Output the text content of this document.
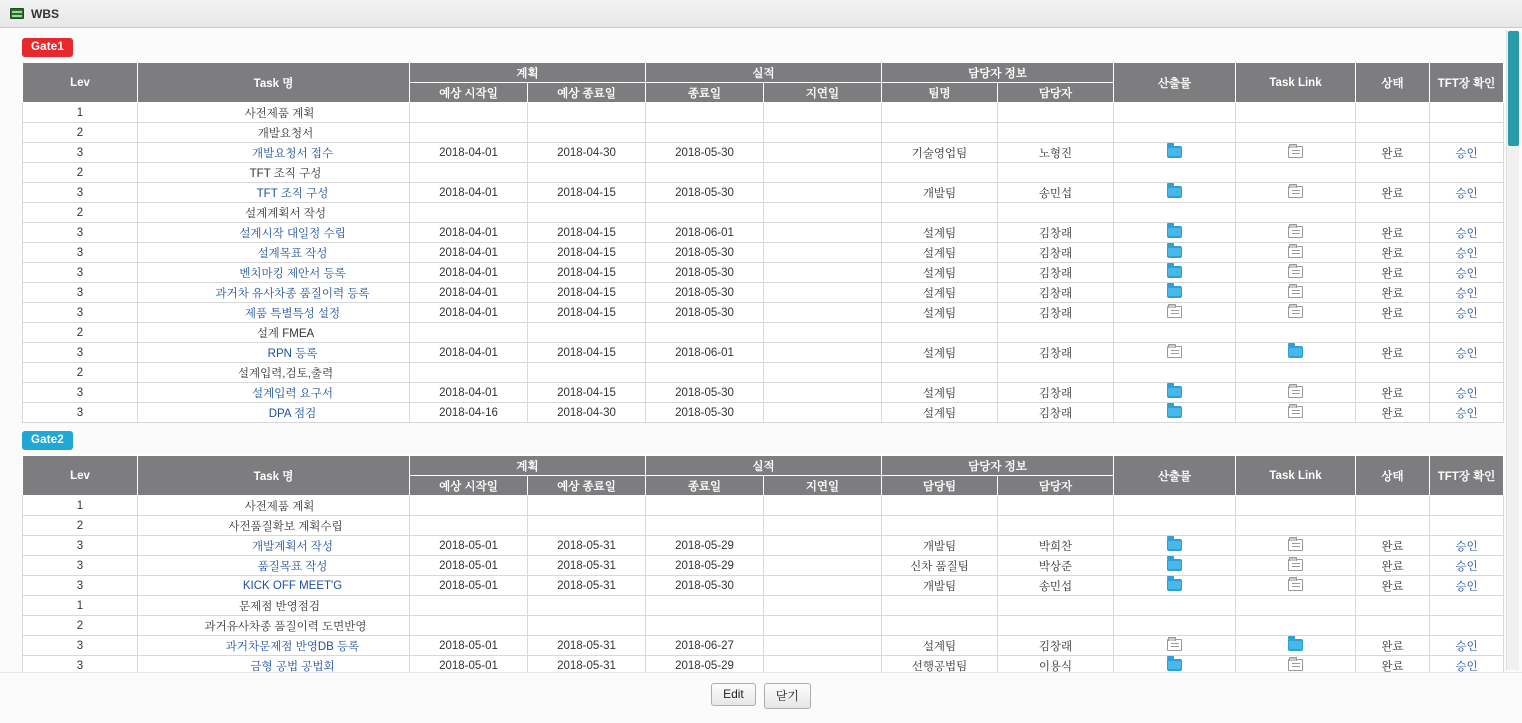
WBS
Gate1
Lev	Task 명	계획		실적		담당자 정보		산출물	Task Link	상태	TFT장 확인
		예상 시작일	예상 종료일	종료일	지연일	팀명	담당자				
1	사전제품 계획										
2	개발요청서										
3	개발요청서 접수	2018-04-01	2018-04-30	2018-05-30		기술영업팀	노형진			완료	승인
2	TFT 조직 구성										
3	TFT 조직 구성	2018-04-01	2018-04-15	2018-05-30		개발팀	송민섭			완료	승인
2	설계계획서 작성										
3	설계시작 대일정 수립	2018-04-01	2018-04-15	2018-06-01		설계팀	김창래			완료	승인
3	설계목표 작성	2018-04-01	2018-04-15	2018-05-30		설계팀	김창래			완료	승인
3	벤치마킹 제안서 등록	2018-04-01	2018-04-15	2018-05-30		설계팀	김창래			완료	승인
3	과거차 유사차종 품질이력 등록	2018-04-01	2018-04-15	2018-05-30		설계팀	김창래			완료	승인
3	제품 특별특성 설정	2018-04-01	2018-04-15	2018-05-30		설계팀	김창래			완료	승인
2	설계 FMEA										
3	RPN 등록	2018-04-01	2018-04-15	2018-06-01		설계팀	김창래			완료	승인
2	설계입력,검토,출력										
3	설계입력 요구서	2018-04-01	2018-04-15	2018-05-30		설계팀	김창래			완료	승인
3	DPA 점검	2018-04-16	2018-04-30	2018-05-30		설계팀	김창래			완료	승인
Gate2
Lev	Task 명	계획		실적		담당자 정보		산출물	Task Link	상태	TFT장 확인
		예상 시작일	예상 종료일	종료일	지연일	담당팀	담당자				
1	사전제품 계획										
2	사전품질확보 계획수립										
3	개발계획서 작성	2018-05-01	2018-05-31	2018-05-29		개발팀	박희찬			완료	승인
3	품질목표 작성	2018-05-01	2018-05-31	2018-05-29		신차 품질팀	박상준			완료	승인
3	KICK OFF MEET'G	2018-05-01	2018-05-31	2018-05-30		개발팀	송민섭			완료	승인
1	문제점 반영점검										
2	과거유사차종 품질이력 도면반영										
3	과거차문제점 반영DB 등록	2018-05-01	2018-05-31	2018-06-27		설계팀	김창래			완료	승인
3	금형 공법 공법회	2018-05-01	2018-05-31	2018-05-29		선행공법팀	이용식			완료	승인
Edit	닫기
